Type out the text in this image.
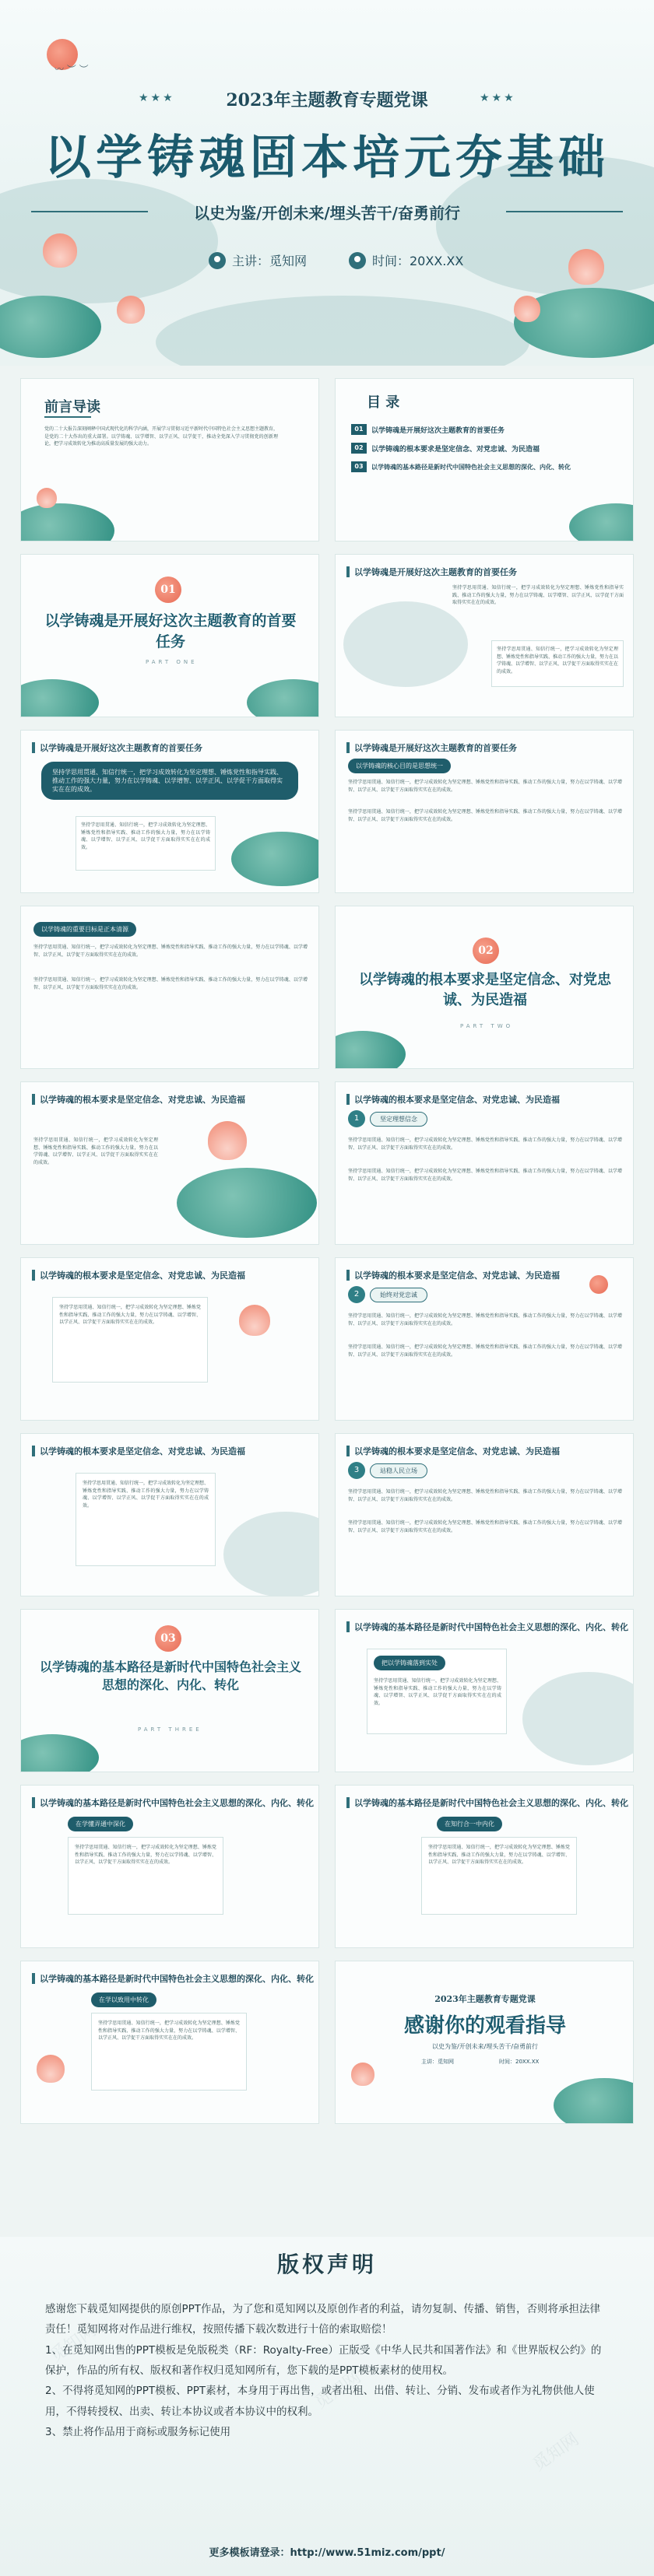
〰 ︶ ︶
★★★	★★★
2023年主题教育专题党课
以学铸魂固本培元夯基础
以史为鉴/开创未来/埋头苦干/奋勇前行
主讲：觅知网	时间：20XX.XX
前言导读
党的二十大报告深刻阐释中国式现代化的科学内涵，开展学习贯彻习近平新时代中国特色社会主义思想主题教育，是党的二十大作出的重大部署。以学铸魂、以学增智、以学正风、以学促干，推动全党深入学习贯彻党的创新理论，把学习成效转化为推动高质量发展的强大动力。
目 录
01	以学铸魂是开展好这次主题教育的首要任务
02	以学铸魂的根本要求是坚定信念、对党忠诚、为民造福
03	以学铸魂的基本路径是新时代中国特色社会主义思想的深化、内化、转化
01
以学铸魂是开展好这次主题教育的首要任务
PART ONE
以学铸魂是开展好这次主题教育的首要任务
坚持学思用贯通、知信行统一，把学习成效转化为坚定理想、锤炼党性和指导实践、推动工作的强大力量，努力在以学铸魂、以学增智、以学正风、以学促干方面取得实实在在的成效。
坚持学思用贯通、知信行统一，把学习成效转化为坚定理想、锤炼党性和指导实践、推动工作的强大力量，努力在以学铸魂、以学增智、以学正风、以学促干方面取得实实在在的成效。
以学铸魂是开展好这次主题教育的首要任务
坚持学思用贯通、知信行统一，把学习成效转化为坚定理想、锤炼党性和指导实践、推动工作的强大力量，努力在以学铸魂、以学增智、以学正风、以学促干方面取得实实在在的成效。
坚持学思用贯通、知信行统一，把学习成效转化为坚定理想、锤炼党性和指导实践、推动工作的强大力量，努力在以学铸魂、以学增智、以学正风、以学促干方面取得实实在在的成效。
以学铸魂是开展好这次主题教育的首要任务
以学铸魂的核心目的是思想统一
坚持学思用贯通、知信行统一，把学习成效转化为坚定理想、锤炼党性和指导实践、推动工作的强大力量，努力在以学铸魂、以学增智、以学正风、以学促干方面取得实实在在的成效。
坚持学思用贯通、知信行统一，把学习成效转化为坚定理想、锤炼党性和指导实践、推动工作的强大力量，努力在以学铸魂、以学增智、以学正风、以学促干方面取得实实在在的成效。
以学铸魂的重要目标是正本清源
坚持学思用贯通、知信行统一，把学习成效转化为坚定理想、锤炼党性和指导实践、推动工作的强大力量，努力在以学铸魂、以学增智、以学正风、以学促干方面取得实实在在的成效。
坚持学思用贯通、知信行统一，把学习成效转化为坚定理想、锤炼党性和指导实践、推动工作的强大力量，努力在以学铸魂、以学增智、以学正风、以学促干方面取得实实在在的成效。
02
以学铸魂的根本要求是坚定信念、对党忠诚、为民造福
PART TWO
以学铸魂的根本要求是坚定信念、对党忠诚、为民造福
坚持学思用贯通、知信行统一，把学习成效转化为坚定理想、锤炼党性和指导实践、推动工作的强大力量，努力在以学铸魂、以学增智、以学正风、以学促干方面取得实实在在的成效。
以学铸魂的根本要求是坚定信念、对党忠诚、为民造福
1	坚定理想信念
坚持学思用贯通、知信行统一，把学习成效转化为坚定理想、锤炼党性和指导实践、推动工作的强大力量，努力在以学铸魂、以学增智、以学正风、以学促干方面取得实实在在的成效。
坚持学思用贯通、知信行统一，把学习成效转化为坚定理想、锤炼党性和指导实践、推动工作的强大力量，努力在以学铸魂、以学增智、以学正风、以学促干方面取得实实在在的成效。
以学铸魂的根本要求是坚定信念、对党忠诚、为民造福
坚持学思用贯通、知信行统一，把学习成效转化为坚定理想、锤炼党性和指导实践、推动工作的强大力量，努力在以学铸魂、以学增智、以学正风、以学促干方面取得实实在在的成效。
以学铸魂的根本要求是坚定信念、对党忠诚、为民造福
2	始终对党忠诚
坚持学思用贯通、知信行统一，把学习成效转化为坚定理想、锤炼党性和指导实践、推动工作的强大力量，努力在以学铸魂、以学增智、以学正风、以学促干方面取得实实在在的成效。
坚持学思用贯通、知信行统一，把学习成效转化为坚定理想、锤炼党性和指导实践、推动工作的强大力量，努力在以学铸魂、以学增智、以学正风、以学促干方面取得实实在在的成效。
以学铸魂的根本要求是坚定信念、对党忠诚、为民造福
坚持学思用贯通、知信行统一，把学习成效转化为坚定理想、锤炼党性和指导实践、推动工作的强大力量，努力在以学铸魂、以学增智、以学正风、以学促干方面取得实实在在的成效。
以学铸魂的根本要求是坚定信念、对党忠诚、为民造福
3	站稳人民立场
坚持学思用贯通、知信行统一，把学习成效转化为坚定理想、锤炼党性和指导实践、推动工作的强大力量，努力在以学铸魂、以学增智、以学正风、以学促干方面取得实实在在的成效。
坚持学思用贯通、知信行统一，把学习成效转化为坚定理想、锤炼党性和指导实践、推动工作的强大力量，努力在以学铸魂、以学增智、以学正风、以学促干方面取得实实在在的成效。
03
以学铸魂的基本路径是新时代中国特色社会主义思想的深化、内化、转化
PART THREE
以学铸魂的基本路径是新时代中国特色社会主义思想的深化、内化、转化
把以学铸魂落到实处
坚持学思用贯通、知信行统一，把学习成效转化为坚定理想、锤炼党性和指导实践、推动工作的强大力量，努力在以学铸魂、以学增智、以学正风、以学促干方面取得实实在在的成效。
以学铸魂的基本路径是新时代中国特色社会主义思想的深化、内化、转化
在学懂弄通中深化
坚持学思用贯通、知信行统一，把学习成效转化为坚定理想、锤炼党性和指导实践、推动工作的强大力量，努力在以学铸魂、以学增智、以学正风、以学促干方面取得实实在在的成效。
以学铸魂的基本路径是新时代中国特色社会主义思想的深化、内化、转化
在知行合一中内化
坚持学思用贯通、知信行统一，把学习成效转化为坚定理想、锤炼党性和指导实践、推动工作的强大力量，努力在以学铸魂、以学增智、以学正风、以学促干方面取得实实在在的成效。
以学铸魂的基本路径是新时代中国特色社会主义思想的深化、内化、转化
在学以致用中转化
坚持学思用贯通、知信行统一，把学习成效转化为坚定理想、锤炼党性和指导实践、推动工作的强大力量，努力在以学铸魂、以学增智、以学正风、以学促干方面取得实实在在的成效。
2023年主题教育专题党课
感谢你的观看指导
以史为鉴/开创未来/埋头苦干/奋勇前行
主讲：觅知网	时间：20XX.XX
觅知网
觅知网
觅知网
版权声明

感谢您下载觅知网提供的原创PPT作品，为了您和觅知网以及原创作者的利益，请勿复制、传播、销售，否则将承担法律责任！觅知网将对作品进行维权，按照传播下载次数进行十倍的索取赔偿！

1、在觅知网出售的PPT模板是免版税类（RF：Royalty-Free）正版受《中华人民共和国著作法》和《世界版权公约》的保护，作品的所有权、版权和著作权归觅知网所有，您下载的是PPT模板素材的使用权。

2、不得将觅知网的PPT模板、PPT素材，本身用于再出售，或者出租、出借、转让、分销、发布或者作为礼物供他人使用，不得转授权、出卖、转让本协议或者本协议中的权利。

3、禁止将作品用于商标或服务标记使用

更多模板请登录：http://www.51miz.com/ppt/
